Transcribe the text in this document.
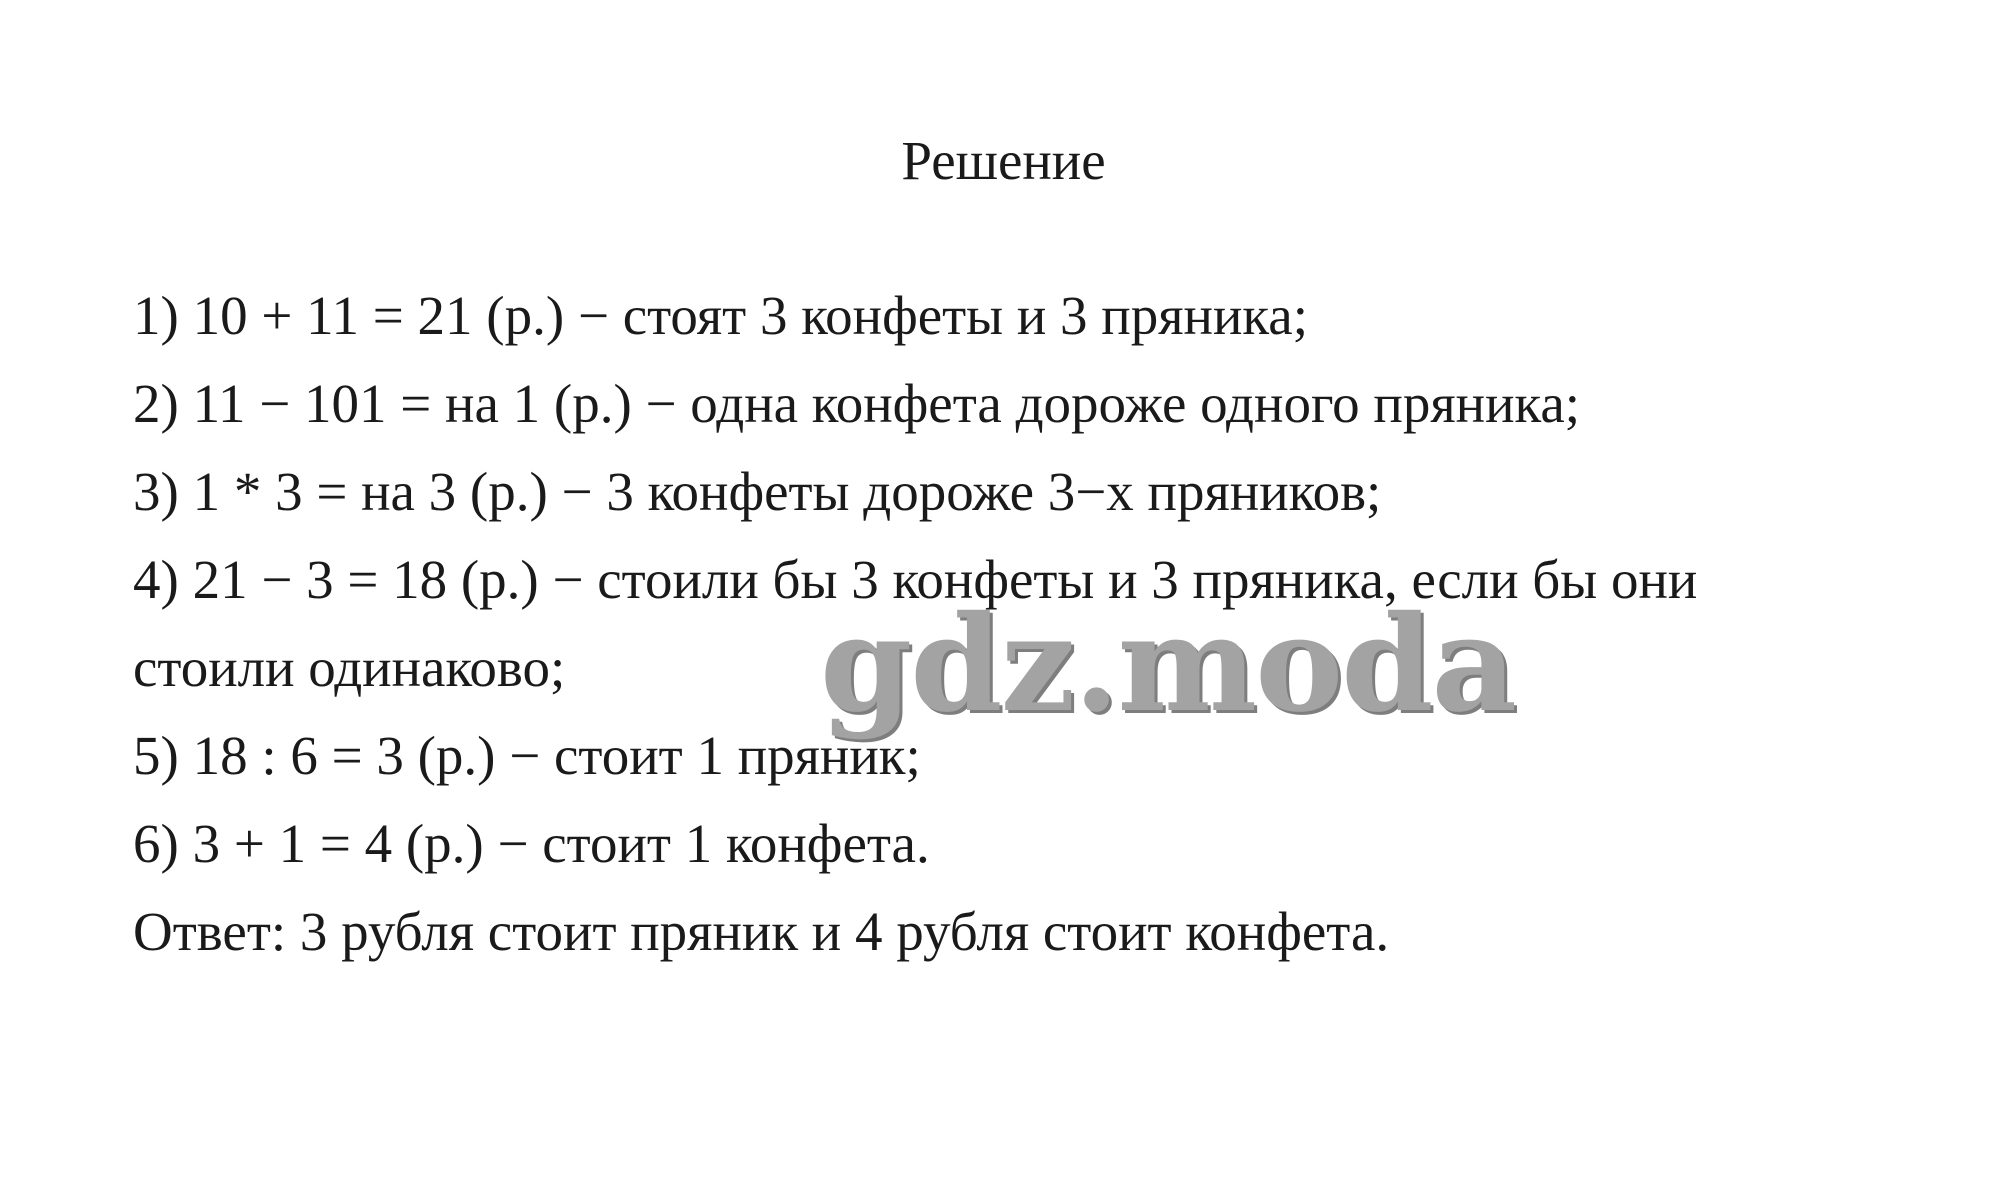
Решение
1) 10 + 11 = 21 (р.) − стоят 3 конфеты и 3 пряника;
2) 11 − 101 = на 1 (р.) − одна конфета дороже одного пряника;
3) 1 * 3 = на 3 (р.) − 3 конфеты дороже 3−х пряников;
4) 21 − 3 = 18 (р.) − стоили бы 3 конфеты и 3 пряника, если бы они
стоили одинаково;
5) 18 : 6 = 3 (р.) − стоит 1 пряник;
6) 3 + 1 = 4 (р.) − стоит 1 конфета.
Ответ: 3 рубля стоит пряник и 4 рубля стоит конфета.
gdz.moda
